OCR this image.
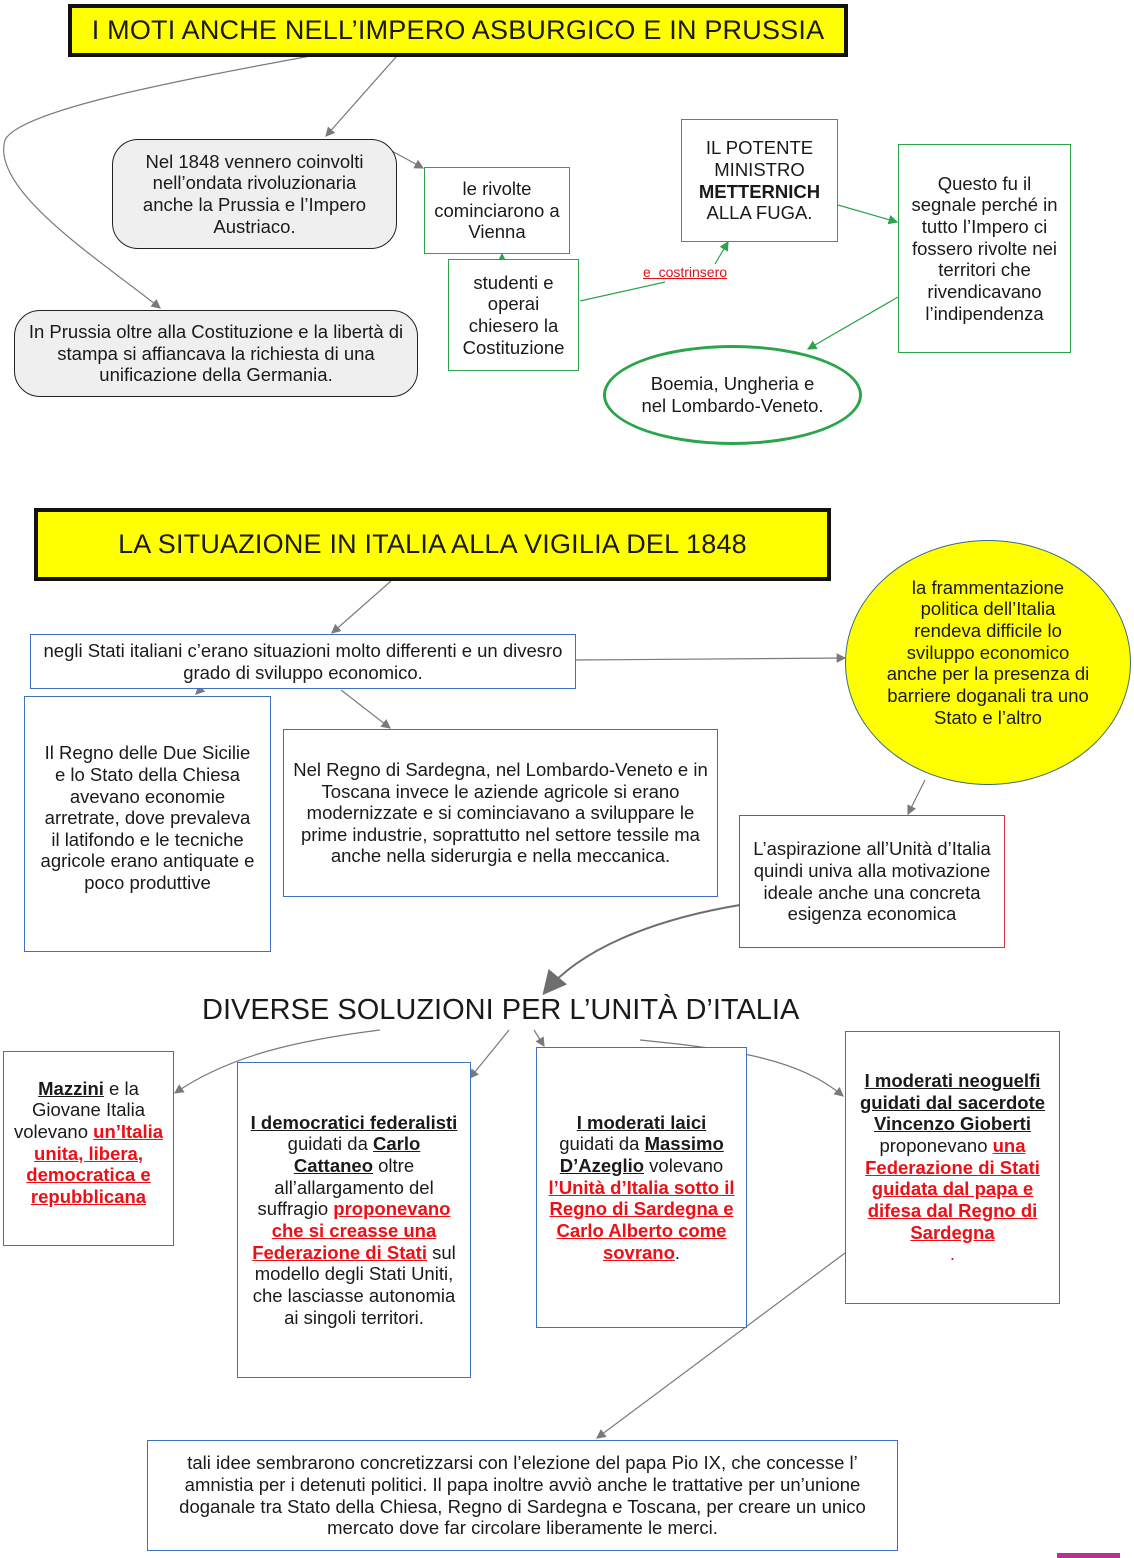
I MOTI ANCHE NELL’IMPERO ASBURGICO E IN PRUSSIA
Nel 1848 vennero coinvolti nell’ondata rivoluzionaria anche la Prussia e l’Impero Austriaco.
In Prussia oltre alla Costituzione e la libertà di stampa si affiancava la richiesta di una unificazione della Germania.
le rivolte cominciarono a Vienna
studenti e operai chiesero la Costituzione
e  costrinsero
IL POTENTE MINISTRO
METTERNICH
ALLA FUGA.
Questo fu il segnale perché in tutto l’Impero ci fossero rivolte nei territori che rivendicavano l’indipendenza
Boemia, Ungheria e nel Lombardo-Veneto.
LA SITUAZIONE IN ITALIA ALLA VIGILIA DEL 1848
negli Stati italiani c’erano situazioni molto differenti e un divesro grado di sviluppo economico.
la frammentazione politica dell’Italia rendeva difficile lo sviluppo economico anche per la presenza di barriere doganali tra uno Stato e l’altro
Il Regno delle Due Sicilie e lo Stato della Chiesa avevano economie arretrate, dove prevaleva il latifondo e le tecniche agricole erano antiquate e poco produttive
Nel Regno di Sardegna, nel Lombardo-Veneto e in Toscana invece le aziende agricole si erano modernizzate e si cominciavano a sviluppare le prime industrie, soprattutto nel settore tessile ma anche nella siderurgia e nella meccanica.	L’aspirazione all’Unità d’Italia quindi univa alla motivazione ideale anche una concreta esigenza economica
DIVERSE SOLUZIONI PER L’UNITÀ D’ITALIA
Mazzini e la Giovane Italia volevano un’Italia unita, libera, democratica e repubblicana
I democratici federalisti guidati da Carlo Cattaneo oltre all’allargamento del suffragio proponevano che si creasse una Federazione di Stati sul modello degli Stati Uniti, che lasciasse autonomia ai singoli territori.
I moderati laici guidati da Massimo D’Azeglio volevano l’Unità d’Italia sotto il Regno di Sardegna e Carlo Alberto come sovrano.
I moderati neoguelfi guidati dal sacerdote Vincenzo Gioberti proponevano una Federazione di Stati guidata dal papa e difesa dal Regno di Sardegna
.
tali idee sembrarono concretizzarsi con l’elezione del papa Pio IX, che concesse l’ amnistia per i detenuti politici. Il papa inoltre avviò anche le trattative per un’unione doganale tra Stato della Chiesa, Regno di Sardegna e Toscana, per creare un unico mercato dove far circolare liberamente le merci.
